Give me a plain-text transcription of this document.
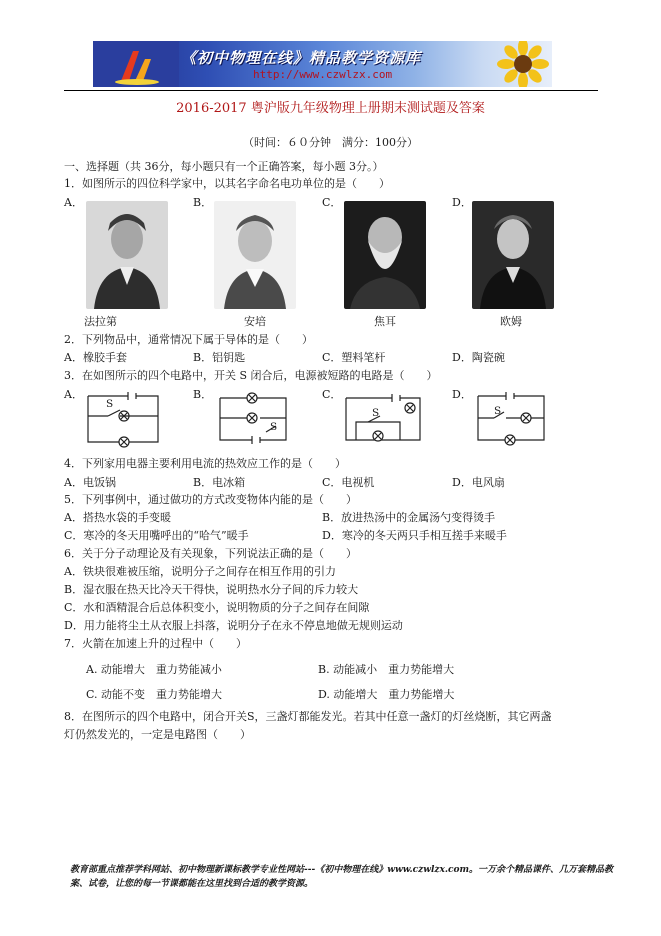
《初中物理在线》精品教学资源库
http://www.czwlzx.com
2016-2017 粤沪版九年级物理上册期末测试题及答案
（时间：６０分钟　满分：100分）
一、选择题（共 36分，每小题只有一个正确答案，每小题 3分。）
1．如图所示的四位科学家中，以其名字命名电功单位的是（　　）
A．	B．	C．	D．
法拉第	安培	焦耳	欧姆
2．下列物品中，通常情况下属于导体的是（　　）
A．橡胶手套	B．铝钥匙	C．塑料笔杆	D．陶瓷碗
3．在如图所示的四个电路中，开关 S 闭合后，电源被短路的电路是（　　）
A．	B．	C．	D．
S
S
S	S
4．下列家用电器主要利用电流的热效应工作的是（　　）
A．电饭锅	B．电冰箱	C．电视机	D．电风扇
5．下列事例中，通过做功的方式改变物体内能的是（　　）
A．搭热水袋的手变暖	B．放进热汤中的金属汤勺变得烫手
C．寒冷的冬天用嘴呼出的“哈气”暖手	D．寒冷的冬天两只手相互搓手来暖手
6．关于分子动理论及有关现象，下列说法正确的是（　　）
A．铁块很难被压缩，说明分子之间存在相互作用的引力
B．湿衣服在热天比冷天干得快，说明热水分子间的斥力较大
C．水和酒精混合后总体积变小，说明物质的分子之间存在间隙
D．用力能将尘土从衣服上抖落，说明分子在永不停息地做无规则运动
7．火箭在加速上升的过程中（　　）
A. 动能增大　重力势能减小	B. 动能减小　重力势能增大
C. 动能不变　重力势能增大	D. 动能增大　重力势能增大
8．在图所示的四个电路中，闭合开关S，三盏灯都能发光。若其中任意一盏灯的灯丝烧断，其它两盏
灯仍然发光的，一定是电路图（　　）
教育部重点推荐学科网站、初中物理新课标教学专业性网站---《初中物理在线》www.czwlzx.com。一万余个精品课件、几万套精品教案、试卷，让您的每一节课都能在这里找到合适的教学资源。
